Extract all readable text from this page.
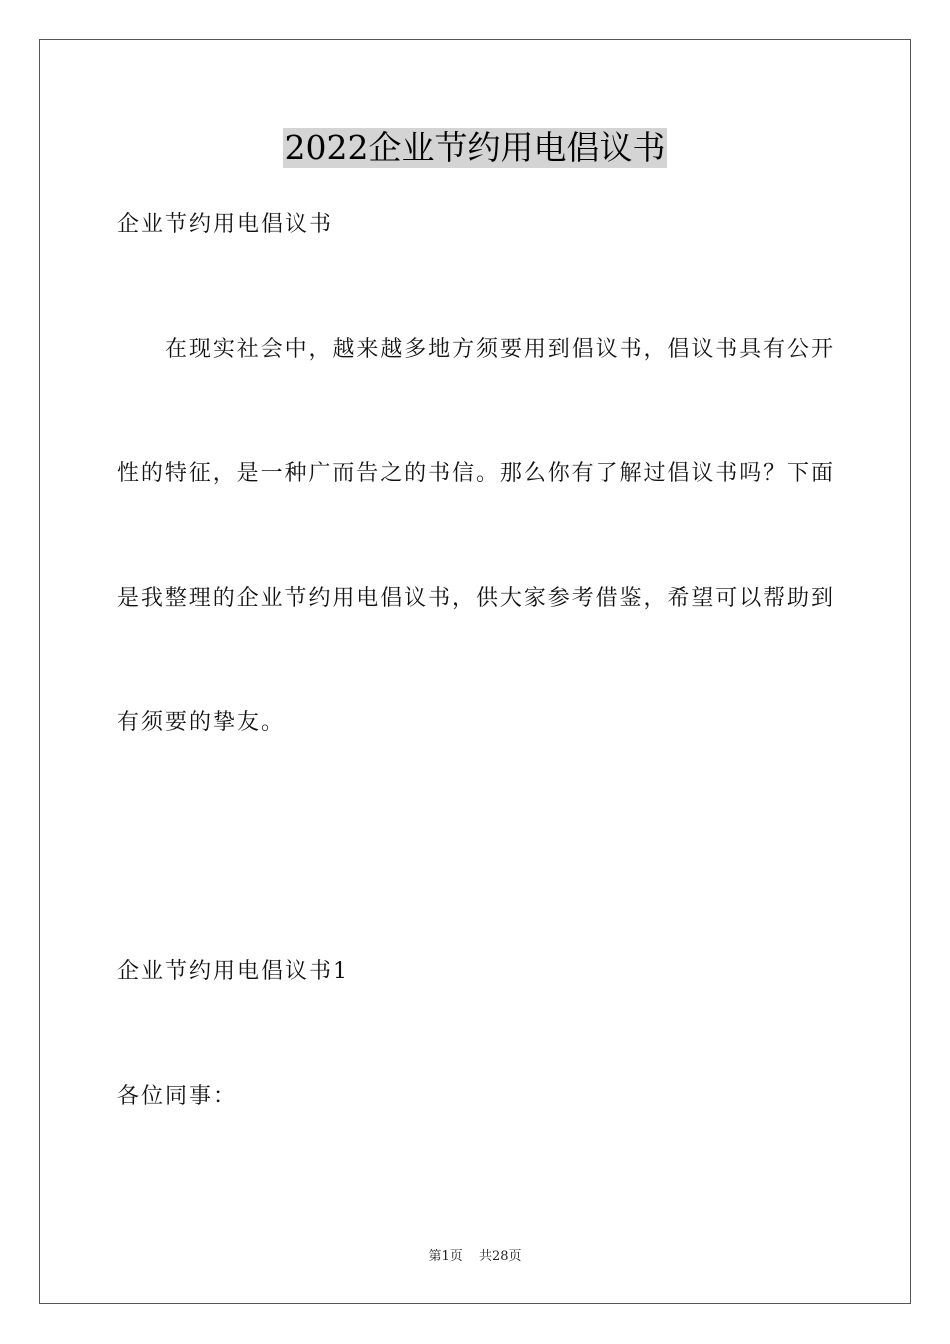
2022企业节约用电倡议书
企业节约用电倡议书
在现实社会中，越来越多地方须要用到倡议书，倡议书具有公开
性的特征，是一种广而告之的书信。那么你有了解过倡议书吗？下面
是我整理的企业节约用电倡议书，供大家参考借鉴，希望可以帮助到
有须要的挚友。
企业节约用电倡议书1
各位同事：
第1页 共28页
